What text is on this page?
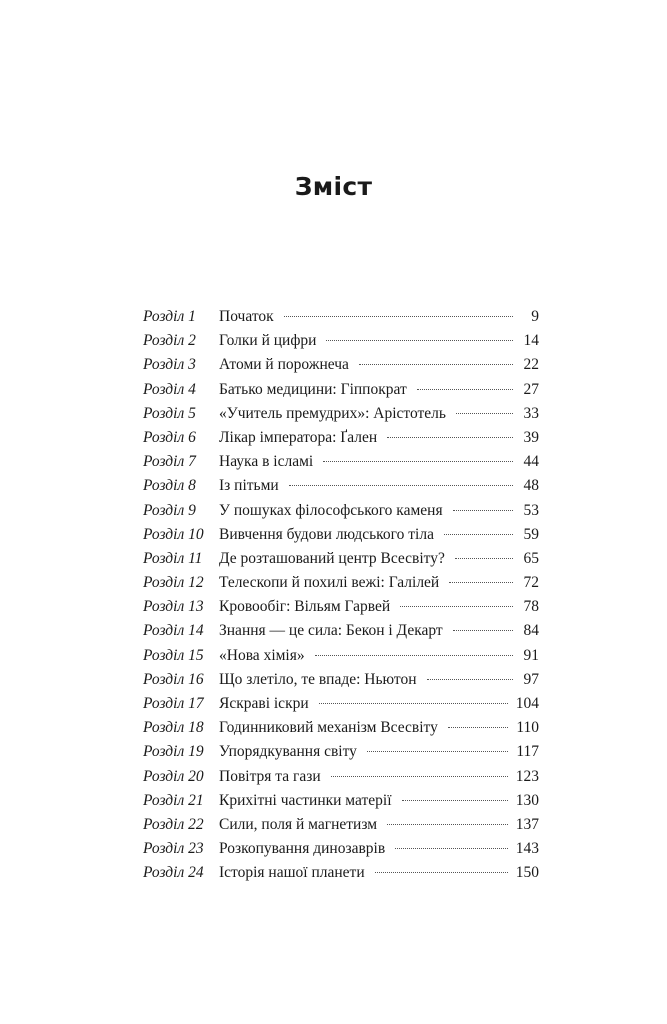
Зміст
Розділ 1	Початок	9
Розділ 2	Голки й цифри	14
Розділ 3	Атоми й порожнеча	22
Розділ 4	Батько медицини: Гіппократ	27
Розділ 5	«Учитель премудрих»: Арістотель	33
Розділ 6	Лікар імператора: Ґален	39
Розділ 7	Наука в ісламі	44
Розділ 8	Із пітьми	48
Розділ 9	У пошуках філософського каменя	53
Розділ 10 Вивчення будови людського тіла	59
Розділ 11	Де розташований центр Всесвіту?	65
Розділ 12 Телескопи й похилі вежі: Галілей	72
Розділ 13 Кровообіг: Вільям Гарвей	78
Розділ 14 Знання — це сила: Бекон і Декарт	84
Розділ 15 «Нова хімія»	91
Розділ 16 Що злетіло, те впаде: Ньютон	97
Розділ 17 Яскраві іскри	104
Розділ 18 Годинниковий механізм Всесвіту	110
Розділ 19 Упорядкування світу	117
Розділ 20 Повітря та гази	123
Розділ 21 Крихітні частинки матерії	130
Розділ 22 Сили, поля й магнетизм	137
Розділ 23 Розкопування динозаврів	143
Розділ 24 Історія нашої планети	150
